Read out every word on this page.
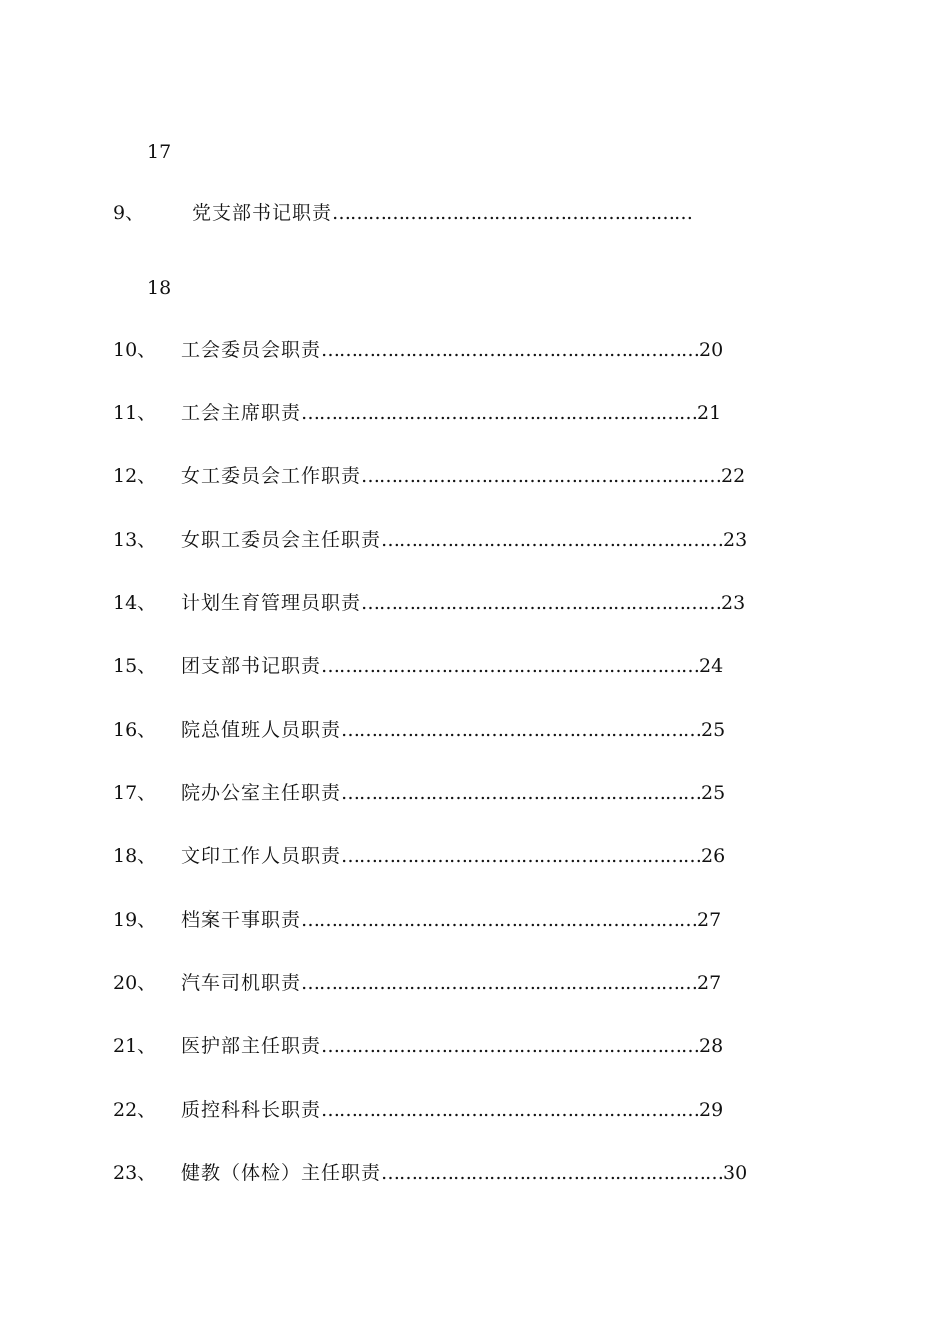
17
9、	党支部书记职责……………………………………………………
18
10、 工会委员会职责………………………………………………………20
11、 工会主席职责…………………………………………………………21
12、 女工委员会工作职责……………………………………………………22
13、 女职工委员会主任职责…………………………………………………23
14、 计划生育管理员职责……………………………………………………23
15、 团支部书记职责………………………………………………………24
16、 院总值班人员职责……………………………………………………25
17、 院办公室主任职责……………………………………………………25
18、 文印工作人员职责……………………………………………………26
19、 档案干事职责…………………………………………………………27
20、 汽车司机职责…………………………………………………………27
21、 医护部主任职责………………………………………………………28
22、 质控科科长职责………………………………………………………29
23、 健教（体检）主任职责…………………………………………………30
